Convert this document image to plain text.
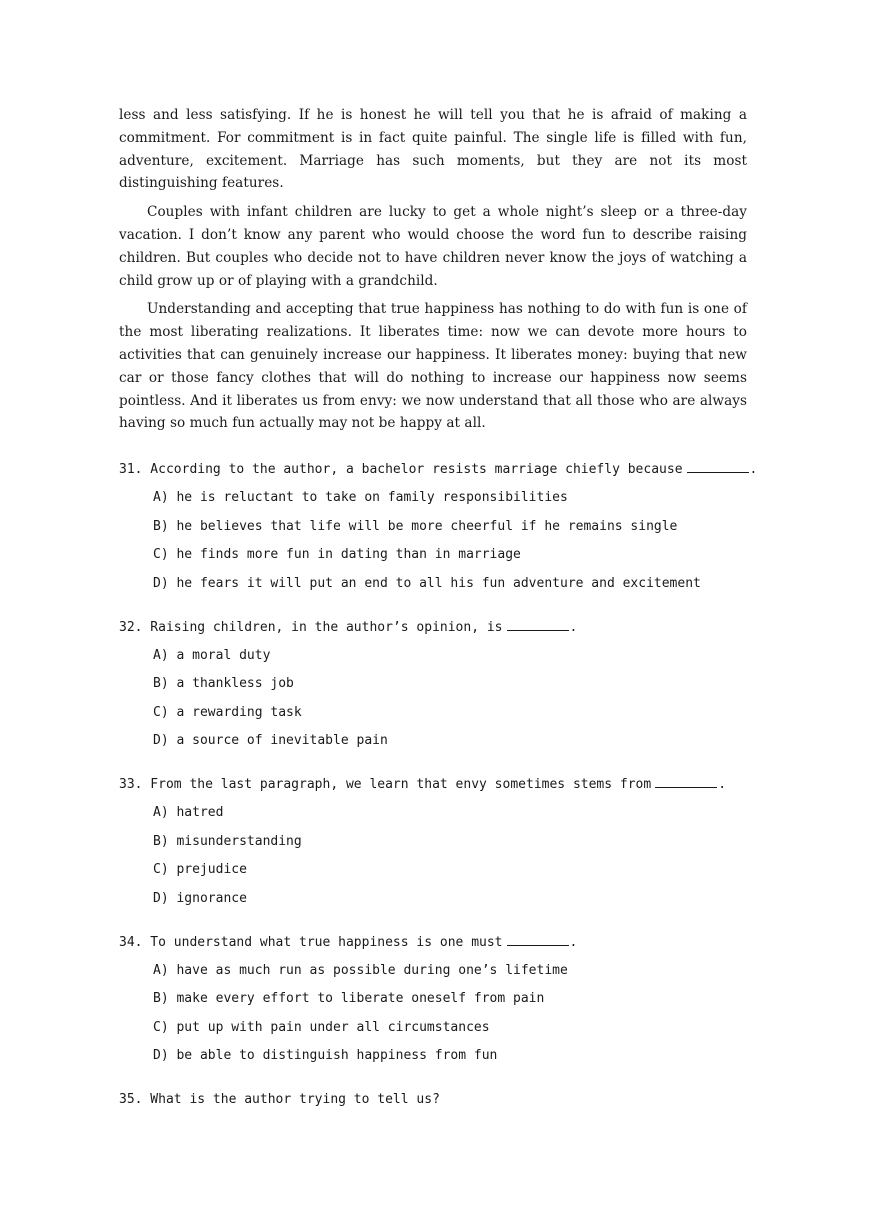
less and less satisfying. If he is honest he will tell you that he is afraid of making a commitment. For commitment is in fact quite painful. The single life is filled with fun, adventure, excitement. Marriage has such moments, but they are not its most distinguishing features.

Couples with infant children are lucky to get a whole night’s sleep or a three-day vacation. I don’t know any parent who would choose the word fun to describe raising children. But couples who decide not to have children never know the joys of watching a child grow up or of playing with a grandchild.

Understanding and accepting that true happiness has nothing to do with fun is one of the most liberating realizations. It liberates time: now we can devote more hours to activities that can genuinely increase our happiness. It liberates money: buying that new car or those fancy clothes that will do nothing to increase our happiness now seems pointless. And it liberates us from envy: we now understand that all those who are always having so much fun actually may not be happy at all.

31. According to the author, a bachelor resists marriage chiefly because	.

A) he is reluctant to take on family responsibilities

B) he believes that life will be more cheerful if he remains single

C) he finds more fun in dating than in marriage

D) he fears it will put an end to all his fun adventure and excitement

32. Raising children, in the author’s opinion, is	.

A) a moral duty

B) a thankless job

C) a rewarding task

D) a source of inevitable pain

33. From the last paragraph, we learn that envy sometimes stems from	.

A) hatred

B) misunderstanding

C) prejudice

D) ignorance

34. To understand what true happiness is one must	.

A) have as much run as possible during one’s lifetime

B) make every effort to liberate oneself from pain

C) put up with pain under all circumstances

D) be able to distinguish happiness from fun

35. What is the author trying to tell us?
